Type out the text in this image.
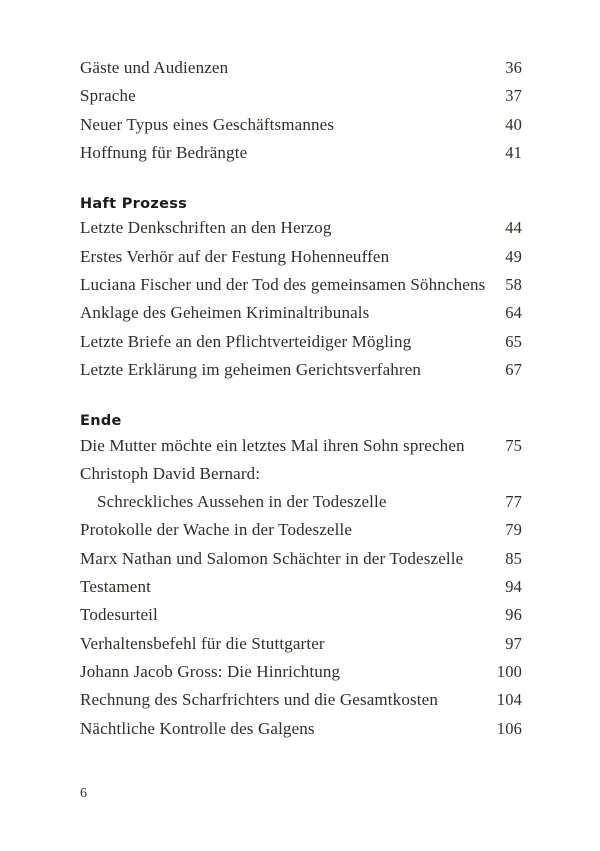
Gäste und Audienzen	36
Sprache	37
Neuer Typus eines Geschäftsmannes	40
Hoffnung für Bedrängte	41
Haft Prozess
Letzte Denkschriften an den Herzog	44
Erstes Verhör auf der Festung Hohenneuffen	49
Luciana Fischer und der Tod des gemeinsamen Söhnchens 58
Anklage des Geheimen Kriminaltribunals	64
Letzte Briefe an den Pflichtverteidiger Mögling	65
Letzte Erklärung im geheimen Gerichtsverfahren	67
Ende
Die Mutter möchte ein letztes Mal ihren Sohn sprechen 75
Christoph David Bernard:
Schreckliches Aussehen in der Todeszelle	77
Protokolle der Wache in der Todeszelle	79
Marx Nathan und Salomon Schächter in der Todeszelle	85
Testament	94
Todesurteil	96
Verhaltensbefehl für die Stuttgarter	97
Johann Jacob Gross: Die Hinrichtung	100
Rechnung des Scharfrichters und die Gesamtkosten	104
Nächtliche Kontrolle des Galgens	106
6
